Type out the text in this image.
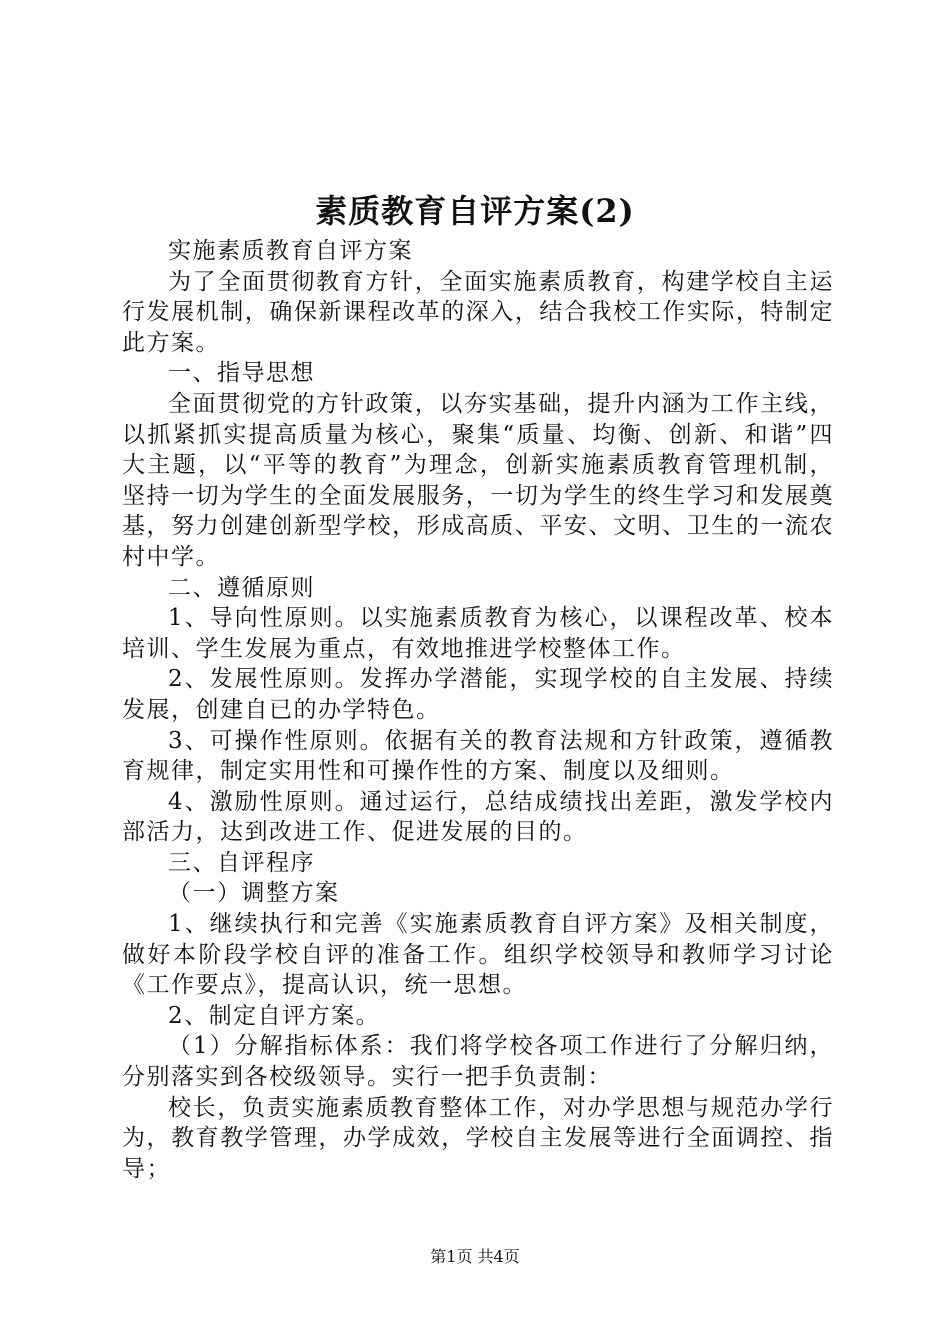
素质教育自评方案(2)

实施素质教育自评方案

为了全面贯彻教育方针，全面实施素质教育，构建学校自主运行发展机制，确保新课程改革的深入，结合我校工作实际，特制定此方案。

一、指导思想

全面贯彻党的方针政策，以夯实基础，提升内涵为工作主线，以抓紧抓实提高质量为核心，聚集“质量、均衡、创新、和谐”四大主题，以“平等的教育”为理念，创新实施素质教育管理机制，坚持一切为学生的全面发展服务，一切为学生的终生学习和发展奠基，努力创建创新型学校，形成高质、平安、文明、卫生的一流农村中学。

二、遵循原则

1、导向性原则。以实施素质教育为核心，以课程改革、校本培训、学生发展为重点，有效地推进学校整体工作。

2、发展性原则。发挥办学潜能，实现学校的自主发展、持续发展，创建自已的办学特色。

3、可操作性原则。依据有关的教育法规和方针政策，遵循教育规律，制定实用性和可操作性的方案、制度以及细则。

4、激励性原则。通过运行，总结成绩找出差距，激发学校内部活力，达到改进工作、促进发展的目的。

三、自评程序

（一）调整方案

1、继续执行和完善《实施素质教育自评方案》及相关制度，做好本阶段学校自评的准备工作。组织学校领导和教师学习讨论《工作要点》，提高认识，统一思想。

2、制定自评方案。

（1）分解指标体系：我们将学校各项工作进行了分解归纳，分别落实到各校级领导。实行一把手负责制：

校长，负责实施素质教育整体工作，对办学思想与规范办学行为，教育教学管理，办学成效，学校自主发展等进行全面调控、指导；

第1页 共4页
